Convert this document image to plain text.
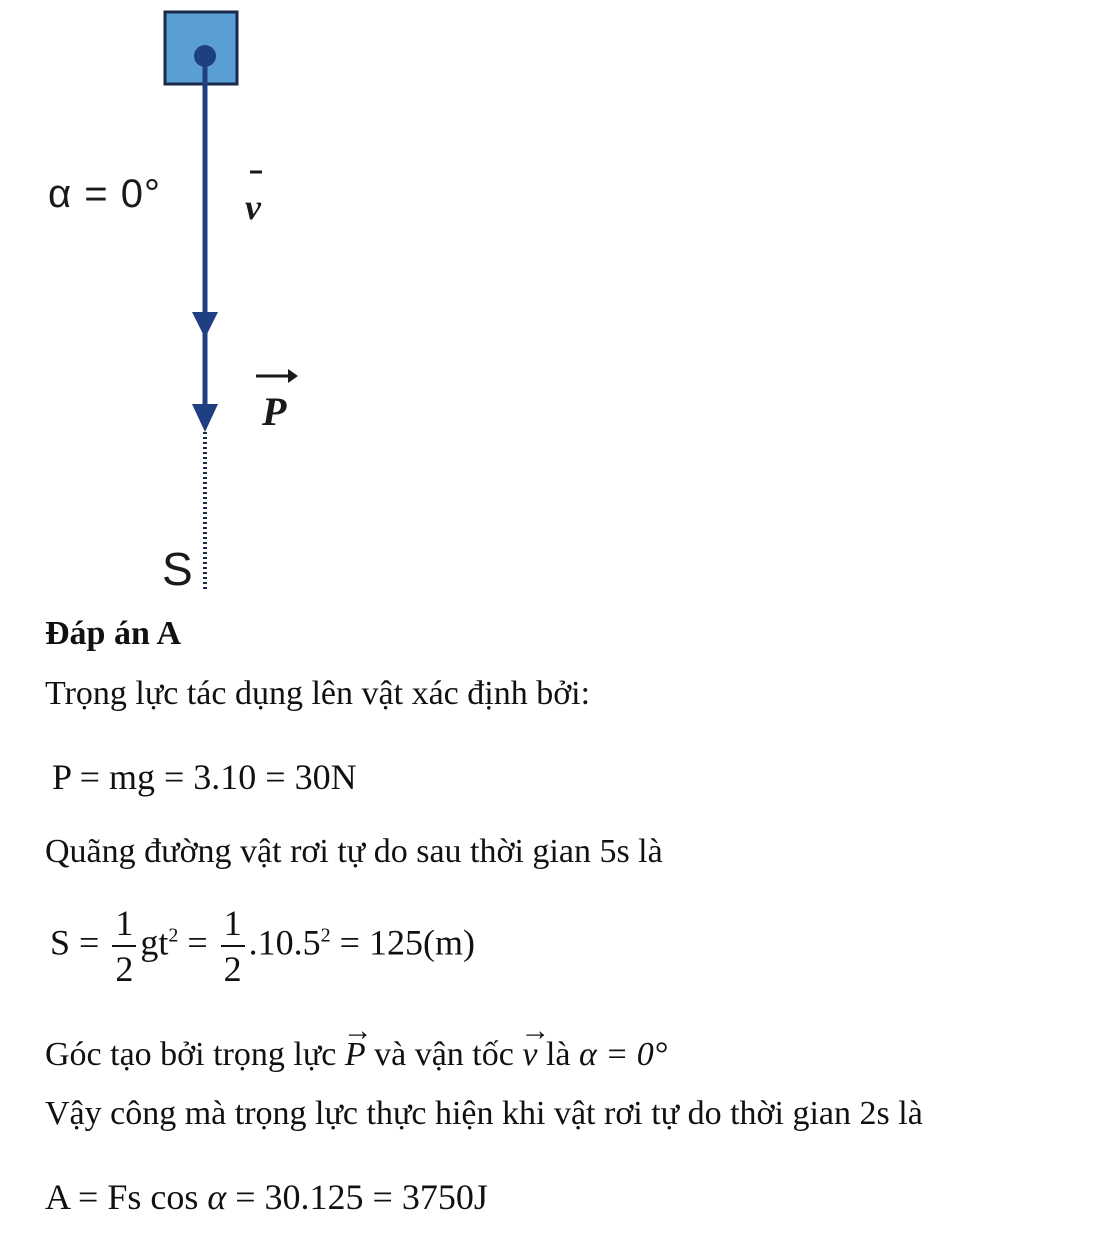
α = 0° v
P
S
Đáp án A
Trọng lực tác dụng lên vật xác định bởi:
P = mg = 3.10 = 30N
Quãng đường vật rơi tự do sau thời gian 5s là
$S = \frac{1}{2} gt^2 = \frac{1}{2} .10.5^2 = 125(m)$
Góc tạo bởi trọng lực
→
P và vận tốc
→
v là α = 0°
Vậy công mà trọng lực thực hiện khi vật rơi tự do thời gian 2s là
A = Fs cos α = 30.125 = 3750J
